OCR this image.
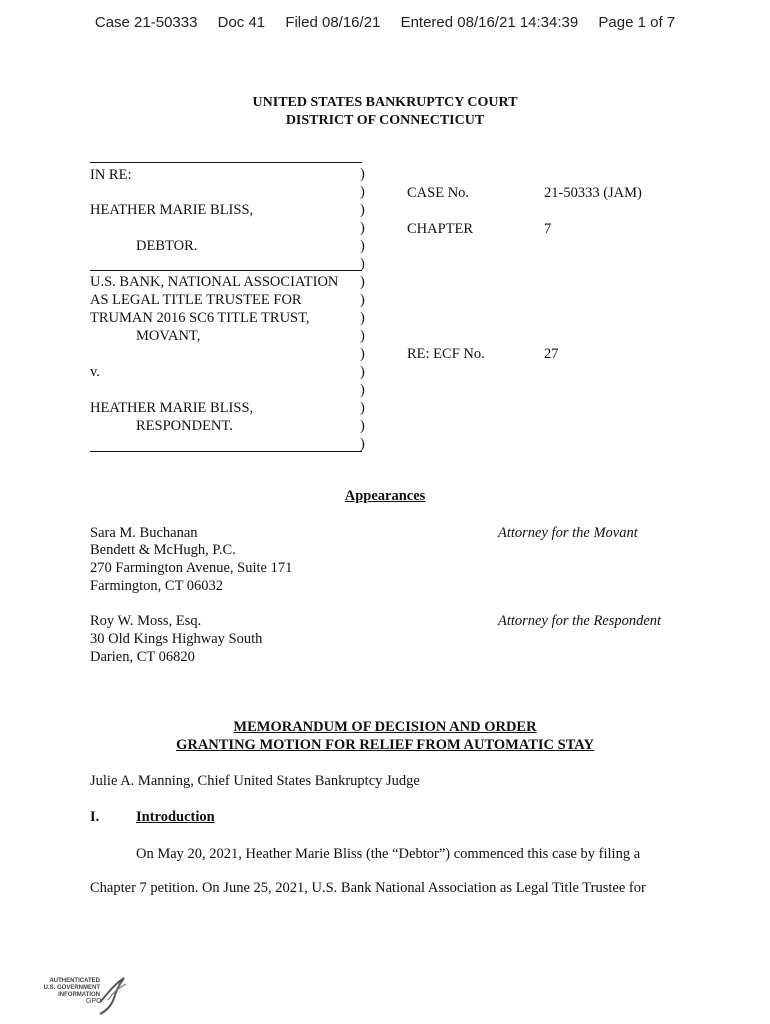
Case 21-50333 Doc 41 Filed 08/16/21 Entered 08/16/21 14:34:39 Page 1 of 7
UNITED STATES BANKRUPTCY COURT
DISTRICT OF CONNECTICUT
IN RE:
HEATHER MARIE BLISS,
DEBTOR.
U.S. BANK, NATIONAL ASSOCIATION
AS LEGAL TITLE TRUSTEE FOR
TRUMAN 2016 SC6 TITLE TRUST,
MOVANT,
v.
HEATHER MARIE BLISS,
RESPONDENT.
)
)
)
)
)
)
)
)
)
)
)
)
)
)
)
)
CASE No.	21-50333 (JAM)
CHAPTER	7
RE: ECF No.	27
Appearances
Sara M. Buchanan
Bendett & McHugh, P.C.
270 Farmington Avenue, Suite 171
Farmington, CT 06032
Attorney for the Movant
Roy W. Moss, Esq.
30 Old Kings Highway South
Darien, CT 06820
Attorney for the Respondent
MEMORANDUM OF DECISION AND ORDER
GRANTING MOTION FOR RELIEF FROM AUTOMATIC STAY
Julie A. Manning, Chief United States Bankruptcy Judge
I.	Introduction
On May 20, 2021, Heather Marie Bliss (the “Debtor”) commenced this case by filing a
Chapter 7 petition. On June 25, 2021, U.S. Bank National Association as Legal Title Trustee for
AUTHENTICATED
U.S. GOVERNMENT
INFORMATION
GPO
